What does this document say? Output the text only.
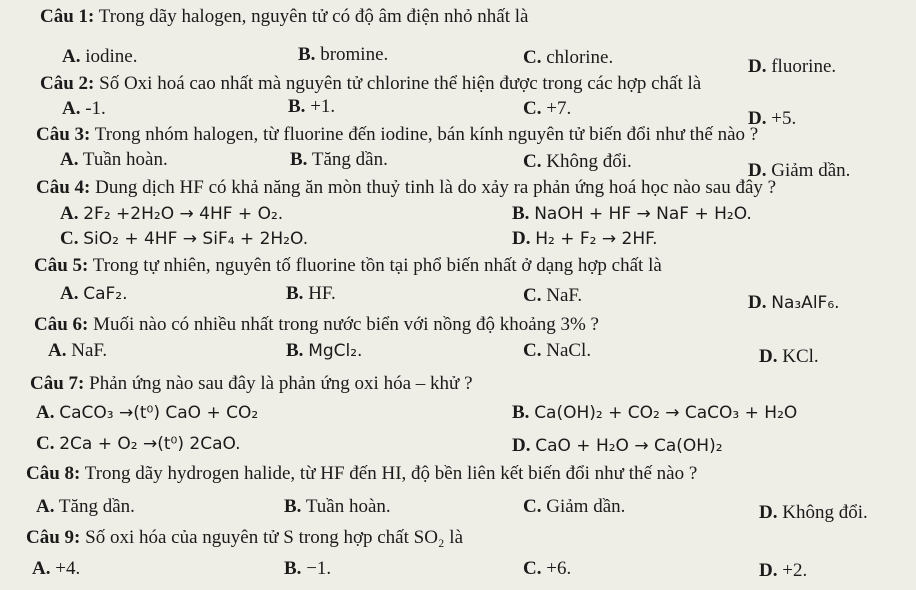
Câu 1: Trong dãy halogen, nguyên tử có độ âm điện nhỏ nhất là
A. iodine.	B. bromine.	C. chlorine.	D. fluorine.
Câu 2: Số Oxi hoá cao nhất mà nguyên tử chlorine thể hiện được trong các hợp chất là
A. -1.	B. +1.	C. +7.	D. +5.
Câu 3: Trong nhóm halogen, từ fluorine đến iodine, bán kính nguyên tử biến đổi như thế nào ?
A. Tuần hoàn.	B. Tăng dần.	C. Không đổi.	D. Giảm dần.
Câu 4: Dung dịch HF có khả năng ăn mòn thuỷ tinh là do xảy ra phản ứng hoá học nào sau đây ?
A. 2F₂ +2H₂O → 4HF + O₂.	B. NaOH + HF → NaF + H₂O.
C. SiO₂ + 4HF → SiF₄ + 2H₂O.	D. H₂ + F₂ → 2HF.
Câu 5: Trong tự nhiên, nguyên tố fluorine tồn tại phổ biến nhất ở dạng hợp chất là
A. CaF₂.	B. HF.	C. NaF.	D. Na₃AlF₆.
Câu 6: Muối nào có nhiều nhất trong nước biển với nồng độ khoảng 3% ?
A. NaF.	B. MgCl₂.	C. NaCl.	D. KCl.
Câu 7: Phản ứng nào sau đây là phản ứng oxi hóa – khử ?
A. CaCO₃ →(t⁰) CaO + CO₂	B. Ca(OH)₂ + CO₂ → CaCO₃ + H₂O
C. 2Ca + O₂ →(t⁰) 2CaO.	D. CaO + H₂O → Ca(OH)₂
Câu 8: Trong dãy hydrogen halide, từ HF đến HI, độ bền liên kết biến đổi như thế nào ?
A. Tăng dần.	B. Tuần hoàn.	C. Giảm dần.	D. Không đổi.
Câu 9: Số oxi hóa của nguyên tử S trong hợp chất SO₂ là
A. +4.	B. −1.	C. +6.	D. +2.
